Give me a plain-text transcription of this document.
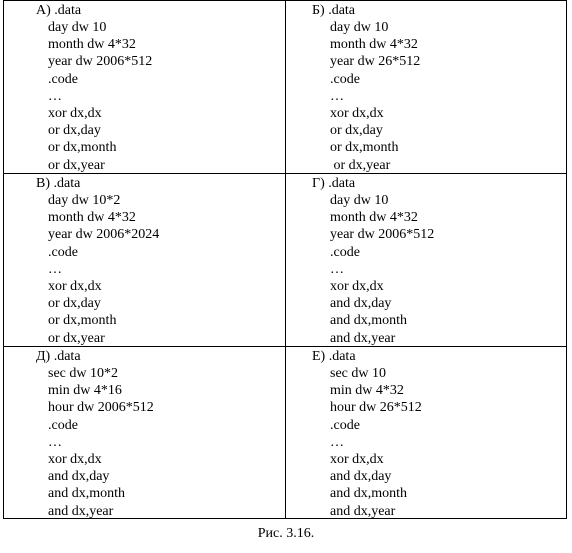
А) .data
day dw 10
month dw 4*32
year dw 2006*512
.code
…
xor dx,dx
or dx,day
or dx,month
or dx,year
Б) .data
day dw 10
month dw 4*32
year dw 26*512
.code
…
xor dx,dx
or dx,day
or dx,month
or dx,year
В) .data
day dw 10*2
month dw 4*32
year dw 2006*2024
.code
…
xor dx,dx
or dx,day
or dx,month
or dx,year
Г) .data
day dw 10
month dw 4*32
year dw 2006*512
.code
…
xor dx,dx
and dx,day
and dx,month
and dx,year
Д) .data
sec dw 10*2
min dw 4*16
hour dw 2006*512
.code
…
xor dx,dx
and dx,day
and dx,month
and dx,year
Е) .data
sec dw 10
min dw 4*32
hour dw 26*512
.code
…
xor dx,dx
and dx,day
and dx,month
and dx,year
Рис. 3.16.
